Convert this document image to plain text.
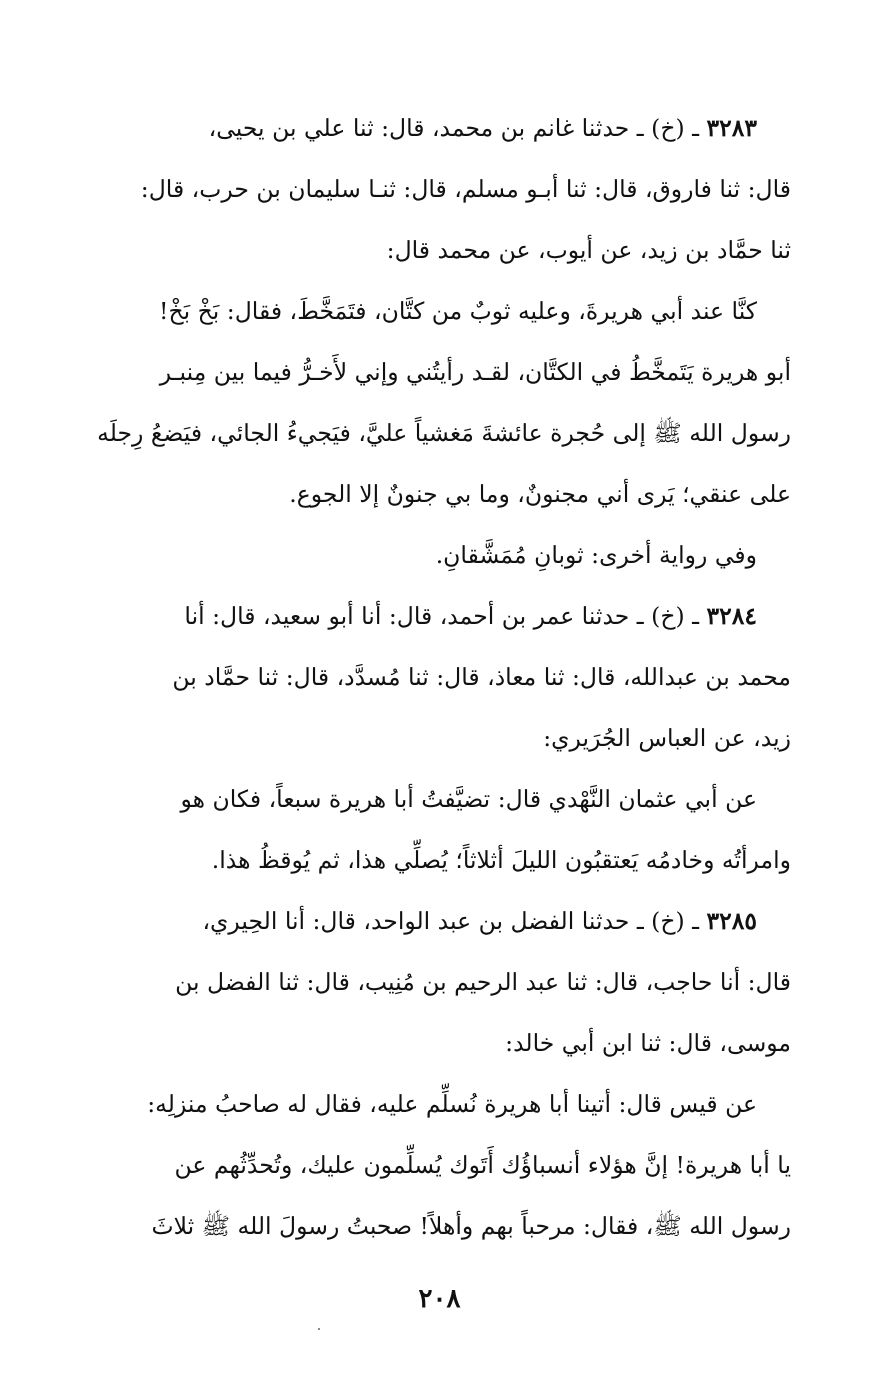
٣٢٨٣ ـ (خ) ـ حدثنا غانم بن محمد، قال: ثنا علي بن يحيى،
قال: ثنا فاروق، قال: ثنا أبـو مسلم، قال: ثنـا سليمان بن حرب، قال:
ثنا حمَّاد بن زيد، عن أيوب، عن محمد قال:
كنَّا عند أبي هريرةَ، وعليه ثوبٌ من كتَّان، فتَمَخَّطَ، فقال: بَخْ بَخْ!
أبو هريرة يَتَمخَّطُ في الكتَّان، لقـد رأيتُني وإني لأَخـرُّ فيما بين مِنبـر
رسول الله ﷺ إلى حُجرة عائشةَ مَغشياً عليَّ، فيَجيءُ الجائي، فيَضعُ رِجلَه
على عنقي؛ يَرى أني مجنونٌ، وما بي جنونٌ إلا الجوع.
وفي رواية أخرى: ثوبانِ مُمَشَّقانِ.
٣٢٨٤ ـ (خ) ـ حدثنا عمر بن أحمد، قال: أنا أبو سعيد، قال: أنا
محمد بن عبدالله، قال: ثنا معاذ، قال: ثنا مُسدَّد، قال: ثنا حمَّاد بن
زيد، عن العباس الجُرَيري:
عن أبي عثمان النَّهْدي قال: تضيَّفتُ أبا هريرة سبعاً، فكان هو
وامرأتُه وخادمُه يَعتقبُون الليلَ أثلاثاً؛ يُصلِّي هذا، ثم يُوقظُ هذا.
٣٢٨٥ ـ (خ) ـ حدثنا الفضل بن عبد الواحد، قال: أنا الحِيري،
قال: أنا حاجب، قال: ثنا عبد الرحيم بن مُنِيب، قال: ثنا الفضل بن
موسى، قال: ثنا ابن أبي خالد:
عن قيس قال: أتينا أبا هريرة نُسلِّم عليه، فقال له صاحبُ منزلِه:
يا أبا هريرة! إنَّ هؤلاء أنسباؤُك أَتَوك يُسلِّمون عليك، وتُحدِّثُهم عن
رسول الله ﷺ، فقال: مرحباً بهم وأهلاً! صحبتُ رسولَ الله ﷺ ثلاثَ
٢٠٨
